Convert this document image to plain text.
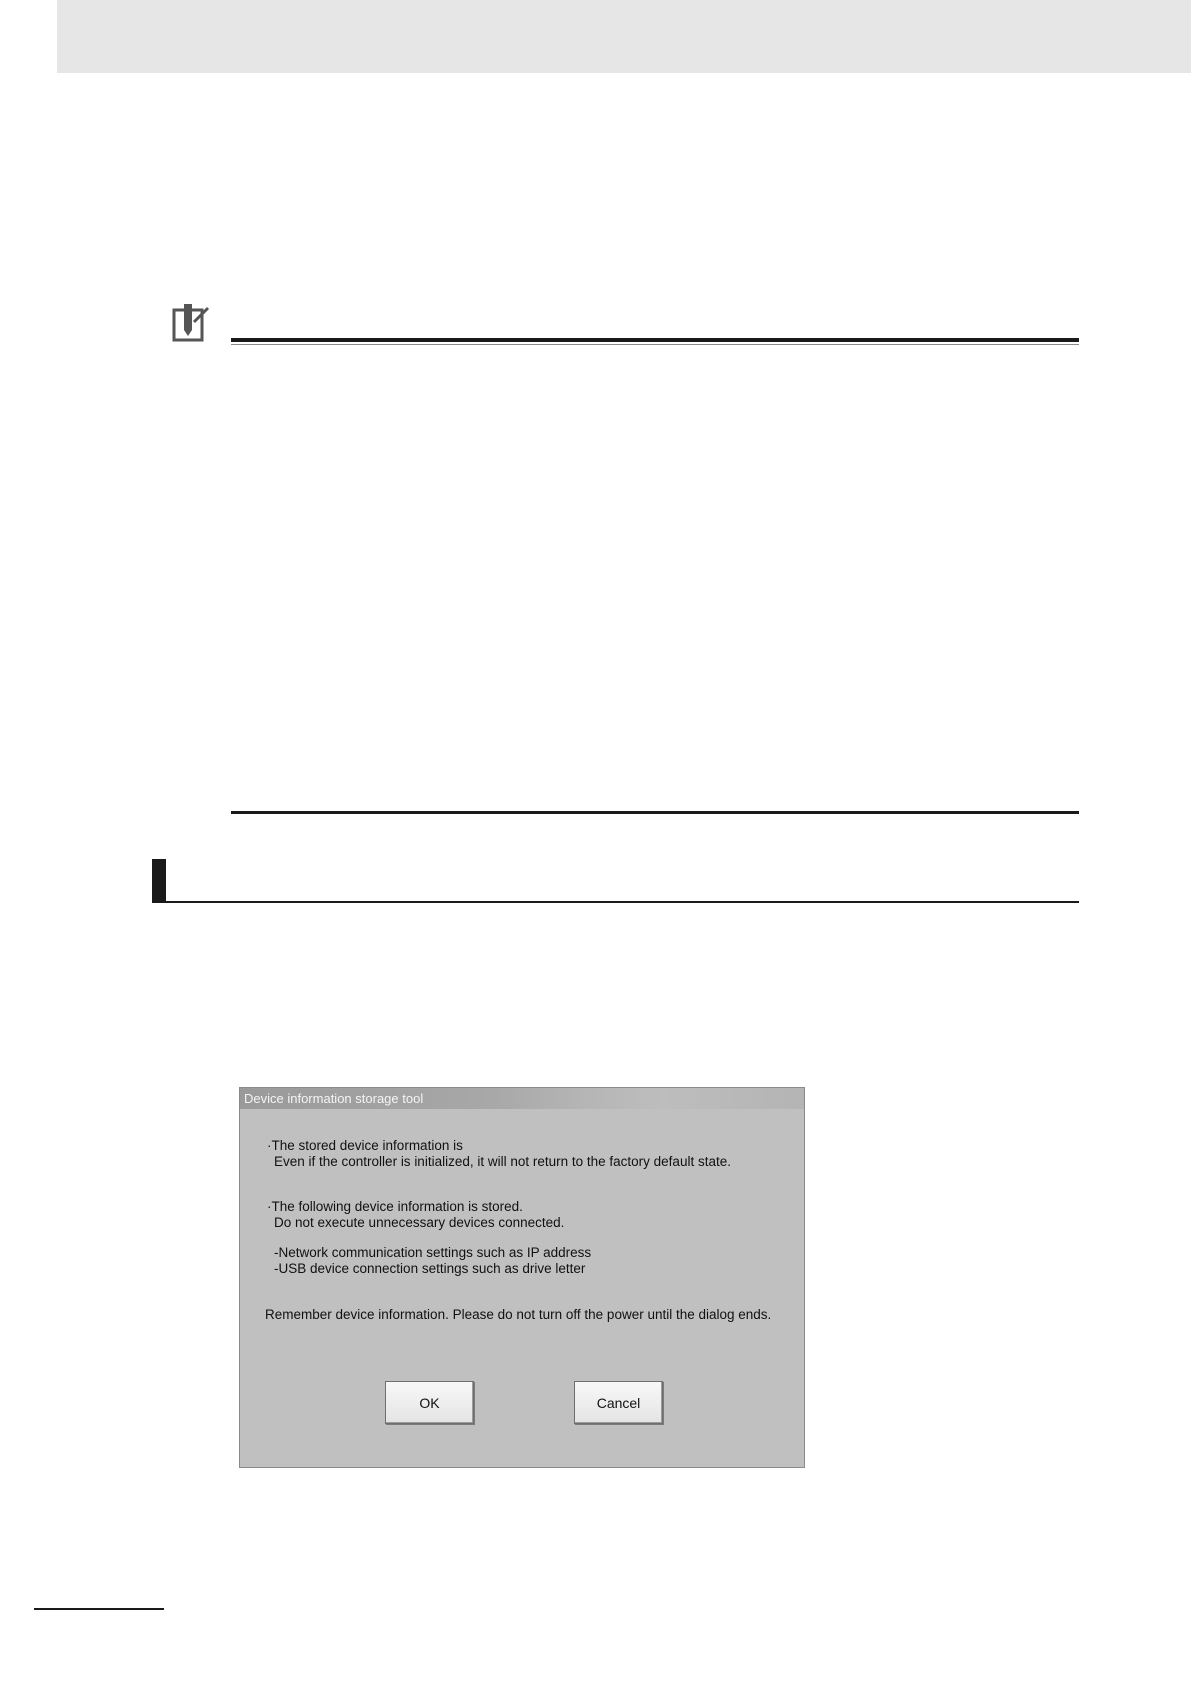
Device information storage tool
·The stored device information is
Even if the controller is initialized, it will not return to the factory default state.
·The following device information is stored.
Do not execute unnecessary devices connected.
-Network communication settings such as IP address
-USB device connection settings such as drive letter
Remember device information. Please do not turn off the power until the dialog ends.
OK	Cancel
